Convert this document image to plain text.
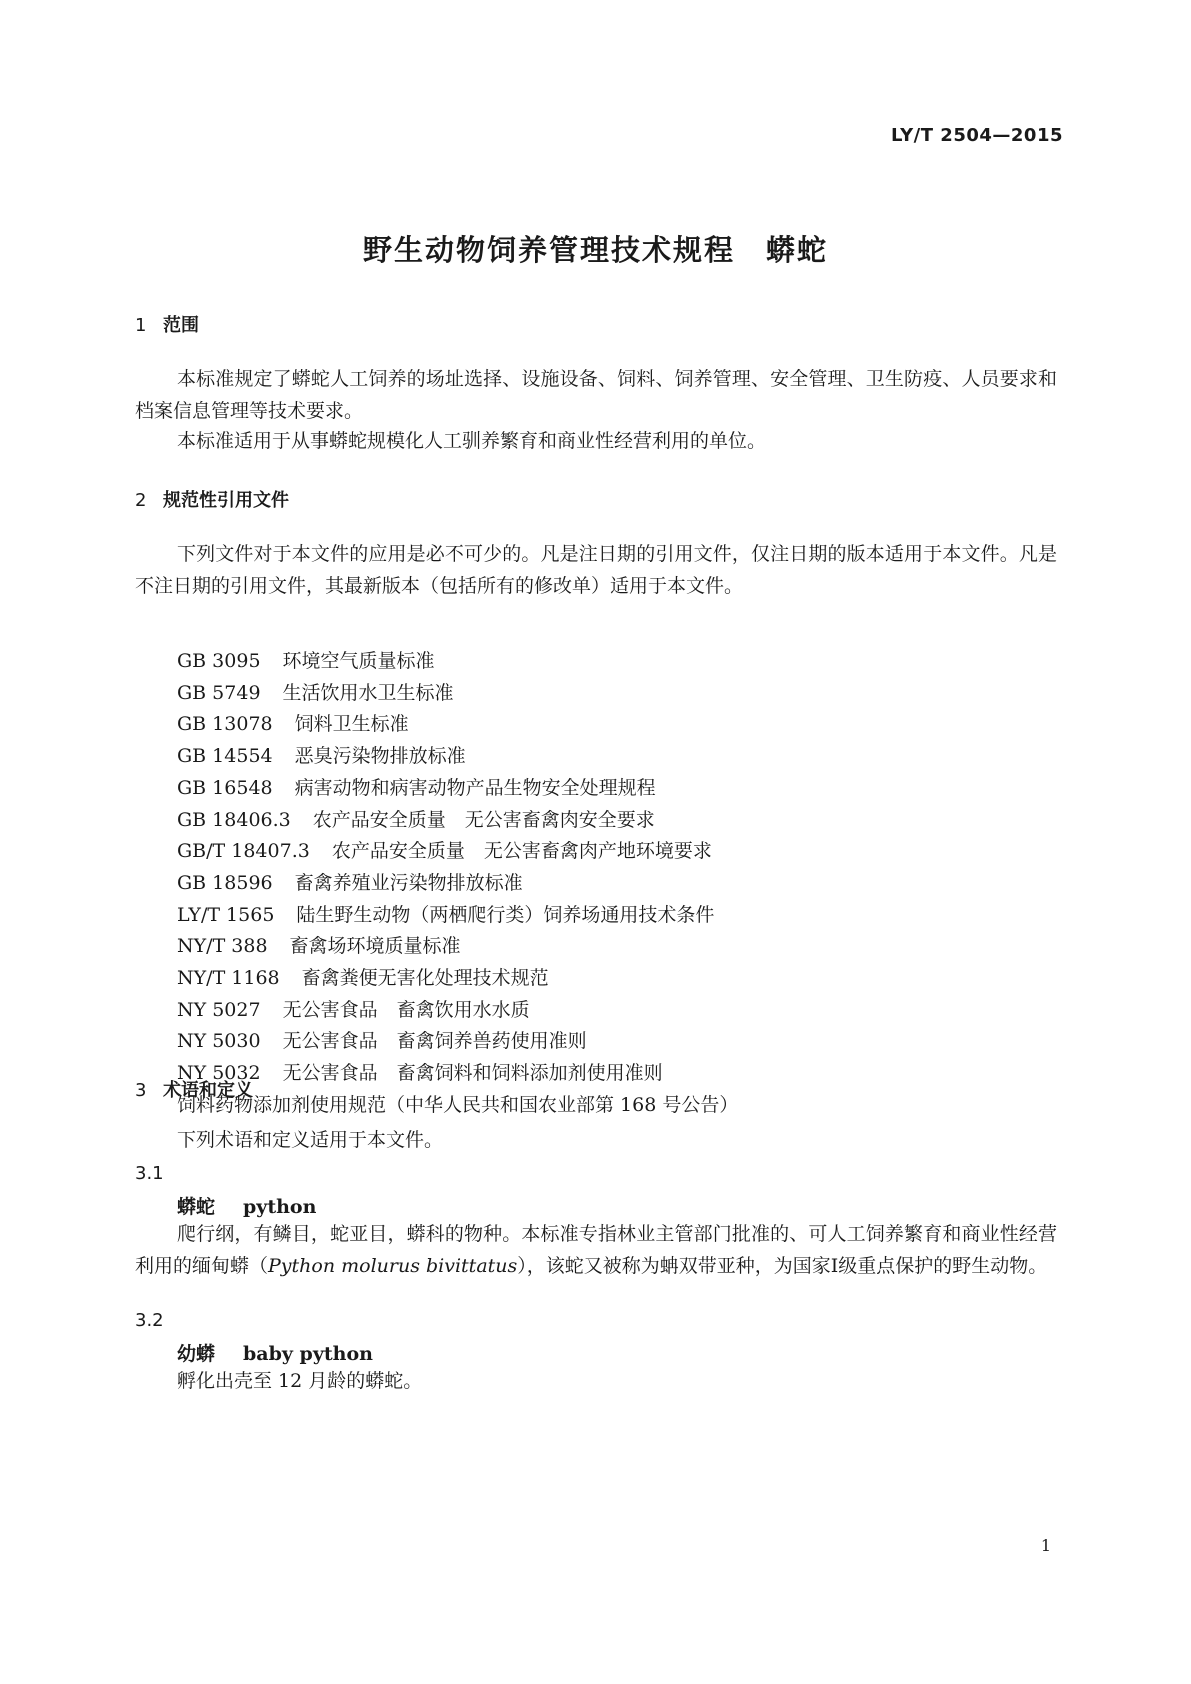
LY/T 2504—2015
野生动物饲养管理技术规程　蟒蛇
1 范围

本标准规定了蟒蛇人工饲养的场址选择、设施设备、饲料、饲养管理、安全管理、卫生防疫、人员要求和档案信息管理等技术要求。

本标准适用于从事蟒蛇规模化人工驯养繁育和商业性经营利用的单位。
2 规范性引用文件

下列文件对于本文件的应用是必不可少的。凡是注日期的引用文件，仅注日期的版本适用于本文件。凡是不注日期的引用文件，其最新版本（包括所有的修改单）适用于本文件。

GB 3095 环境空气质量标准
GB 5749 生活饮用水卫生标准
GB 13078 饲料卫生标准
GB 14554 恶臭污染物排放标准
GB 16548 病害动物和病害动物产品生物安全处理规程
GB 18406.3 农产品安全质量　无公害畜禽肉安全要求
GB/T 18407.3 农产品安全质量　无公害畜禽肉产地环境要求
GB 18596 畜禽养殖业污染物排放标准
LY/T 1565 陆生野生动物（两栖爬行类）饲养场通用技术条件
NY/T 388 畜禽场环境质量标准
NY/T 1168 畜禽粪便无害化处理技术规范
NY 5027 无公害食品　畜禽饮用水水质
NY 5030 无公害食品　畜禽饲养兽药使用准则
NY 5032 无公害食品　畜禽饲料和饲料添加剂使用准则
饲料药物添加剂使用规范（中华人民共和国农业部第 168 号公告）
3 术语和定义
下列术语和定义适用于本文件。
3.1
蟒蛇 python

爬行纲，有鳞目，蛇亚目，蟒科的物种。本标准专指林业主管部门批准的、可人工饲养繁育和商业性经营利用的缅甸蟒（Python molurus bivittatus），该蛇又被称为蚺双带亚种，为国家Ⅰ级重点保护的野生动物。

3.2
幼蟒 baby python
孵化出壳至 12 月龄的蟒蛇。
1
